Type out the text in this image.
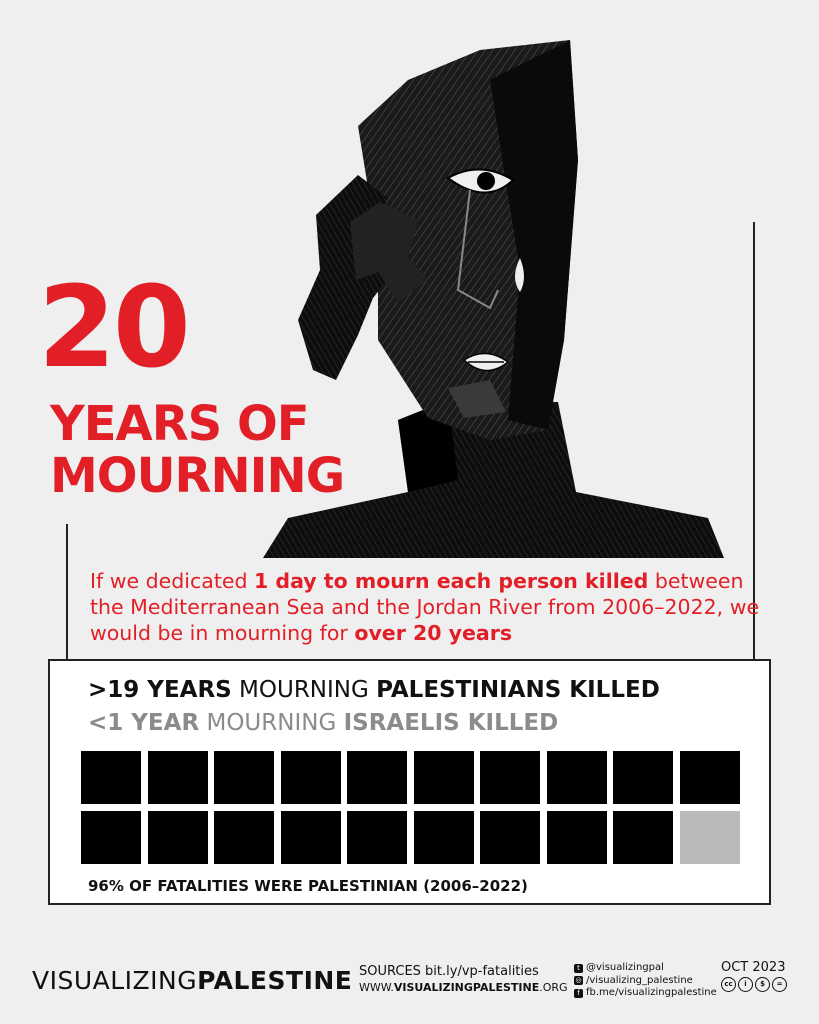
20
YEARS OF
MOURNING

If we dedicated 1 day to mourn each person killed between the Mediterranean Sea and the Jordan River from 2006–2022, we would be in mourning for over 20 years

>19 YEARS MOURNING PALESTINIANS KILLED
<1 YEAR MOURNING ISRAELIS KILLED
96% OF FATALITIES WERE PALESTINIAN (2006–2022)
VISUALIZINGPALESTINE SOURCES bit.ly/vp-fatalities
WWW.VISUALIZINGPALESTINE.ORG
t @visualizingpal
◎ /visualizing_palestine
f fb.me/visualizingpalestine
OCT 2023
cc	i	$	=
